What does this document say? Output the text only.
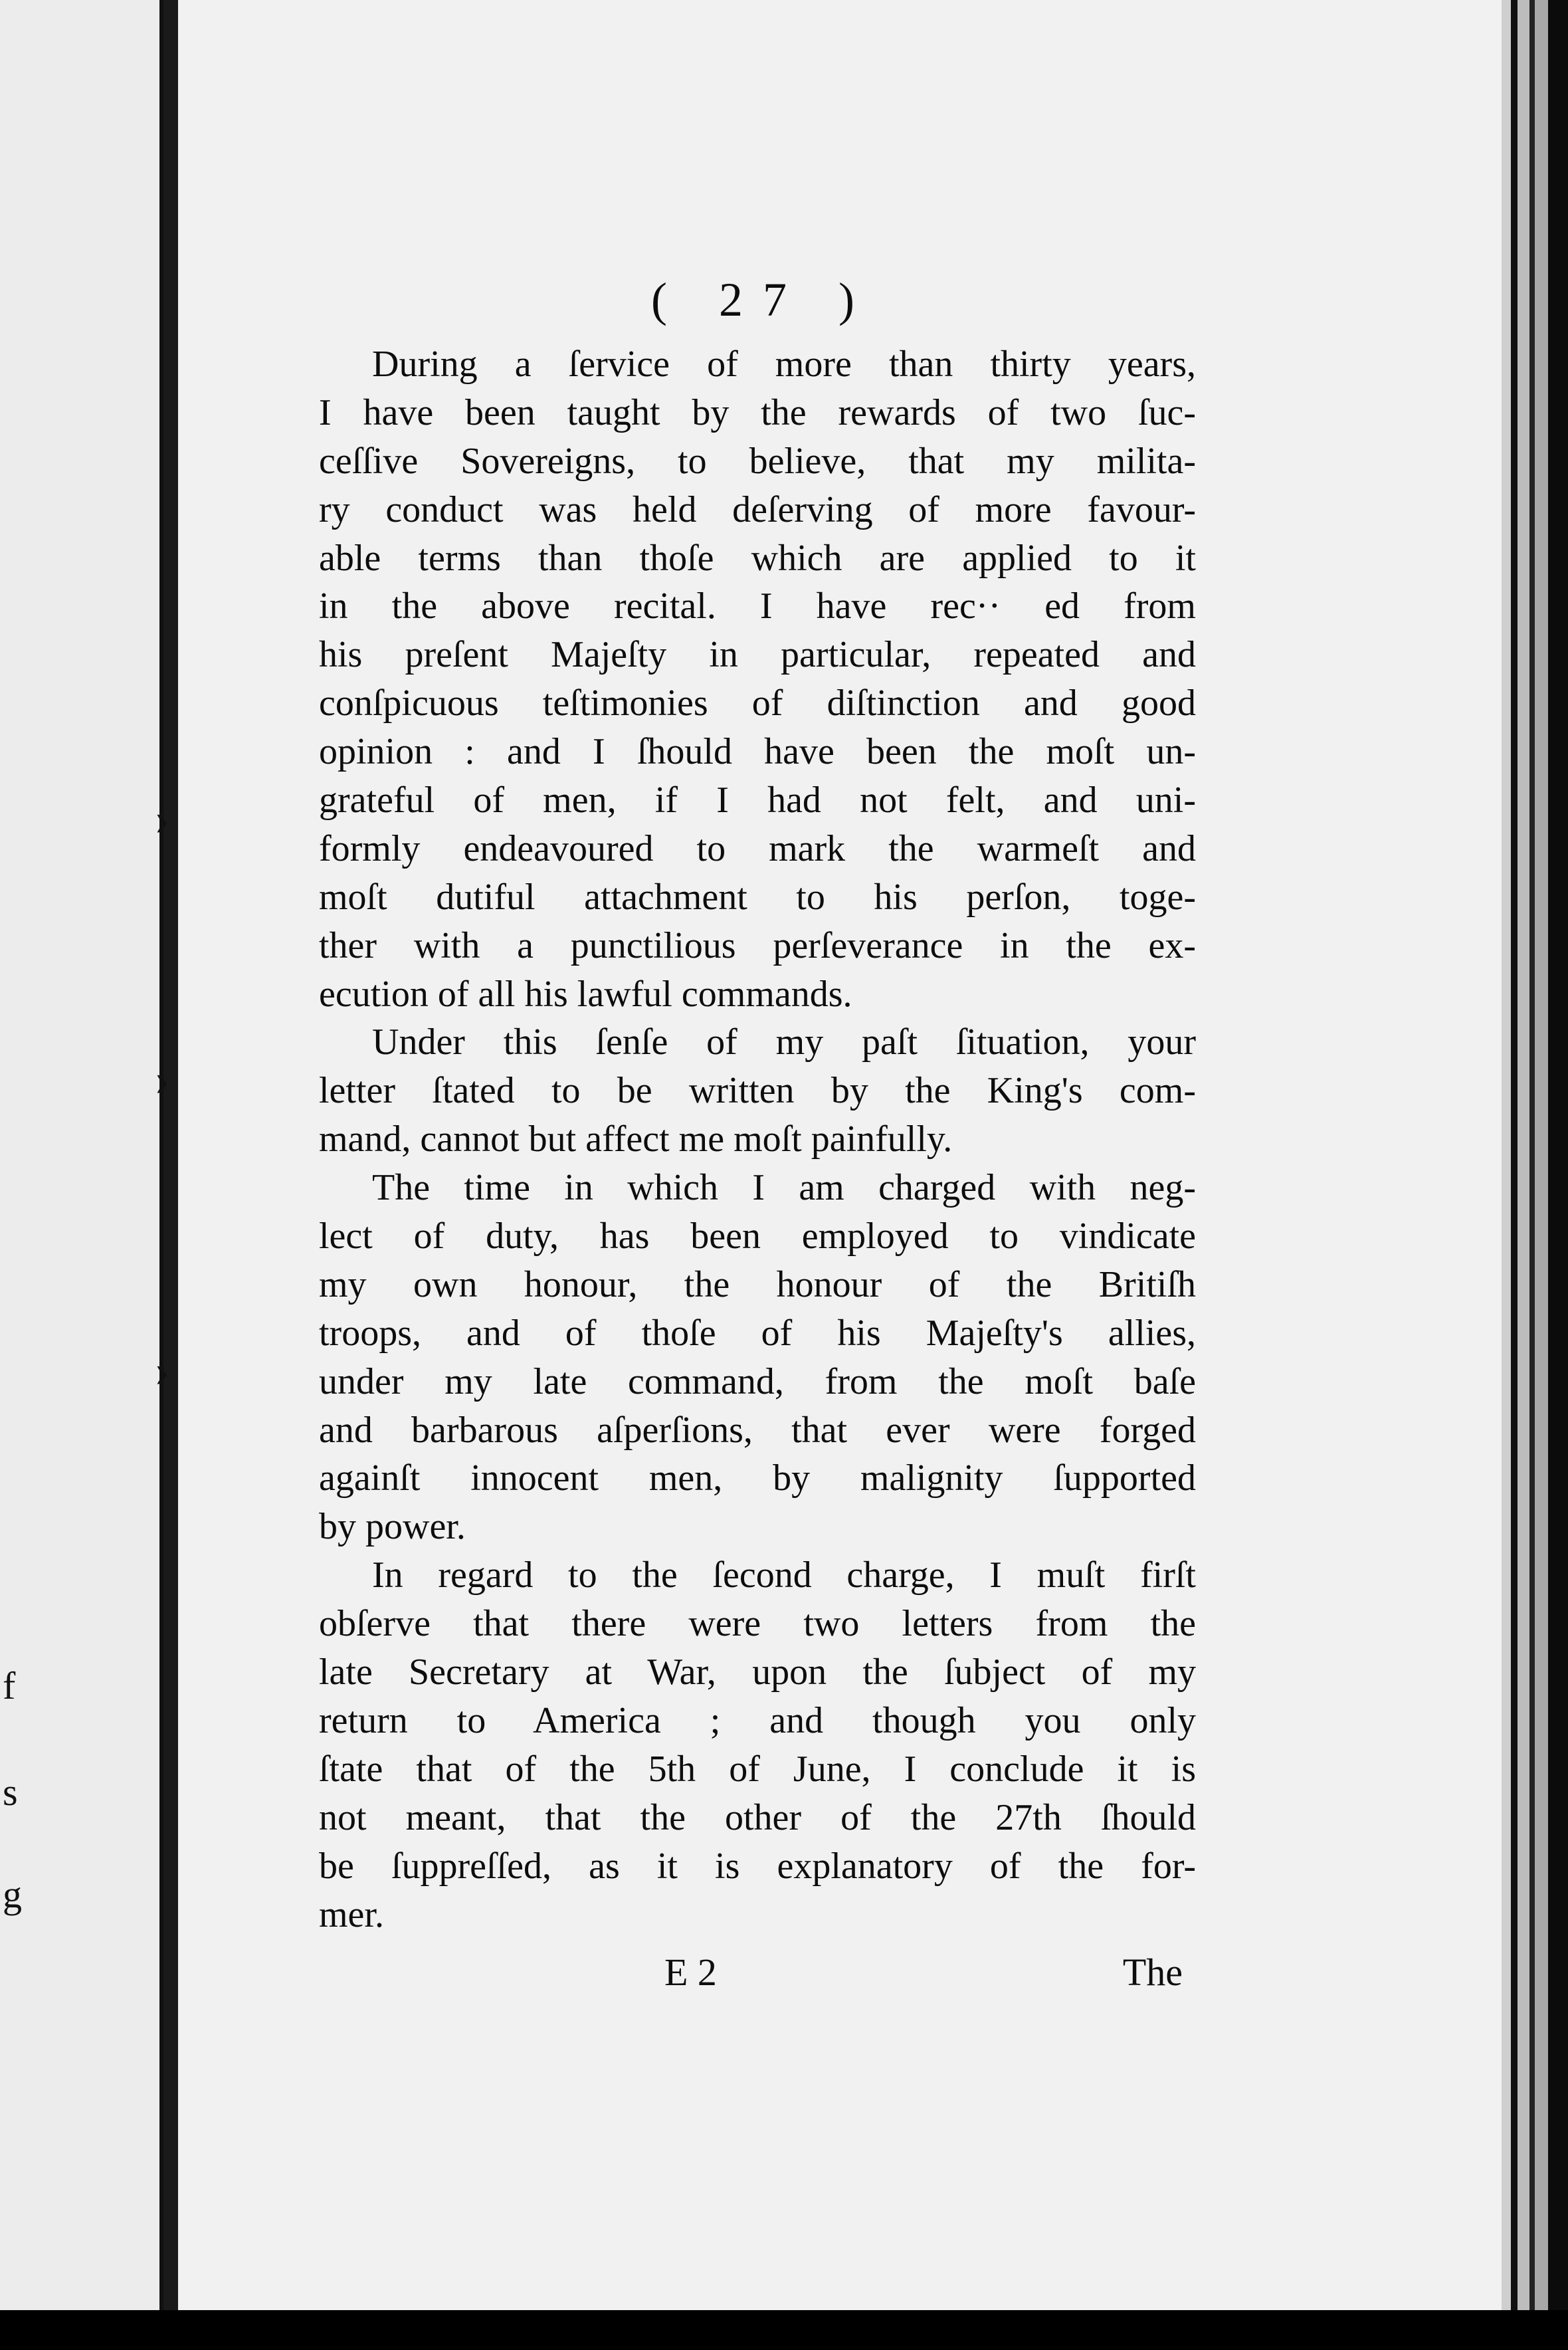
f
s
g
›
›
›
( 27 )
During a ſervice of more than thirty years,
I have been taught by the rewards of two ſuc-
ceſſive Sovereigns, to believe, that my milita-
ry conduct was held deſerving of more favour-
able terms than thoſe which are applied to it
in the above recital. I have rec·· ed from
his preſent Majeſty in particular, repeated and
conſpicuous teſtimonies of diſtinction and good
opinion : and I ſhould have been the moſt un-
grateful of men, if I had not felt, and uni-
formly endeavoured to mark the warmeſt and
moſt dutiful attachment to his perſon, toge-
ther with a punctilious perſeverance in the ex-
ecution of all his lawful commands.
Under this ſenſe of my paſt ſituation, your
letter ſtated to be written by the King's com-
mand, cannot but affect me moſt painfully.
The time in which I am charged with neg-
lect of duty, has been employed to vindicate
my own honour, the honour of the Britiſh
troops, and of thoſe of his Majeſty's allies,
under my late command, from the moſt baſe
and barbarous aſperſions, that ever were forged
againſt innocent men, by malignity ſupported
by power.
In regard to the ſecond charge, I muſt firſt
obſerve that there were two letters from the
late Secretary at War, upon the ſubject of my
return to America ; and though you only
ſtate that of the 5th of June, I conclude it is
not meant, that the other of the 27th ſhould
be ſuppreſſed, as it is explanatory of the for-
mer.
E 2	The
